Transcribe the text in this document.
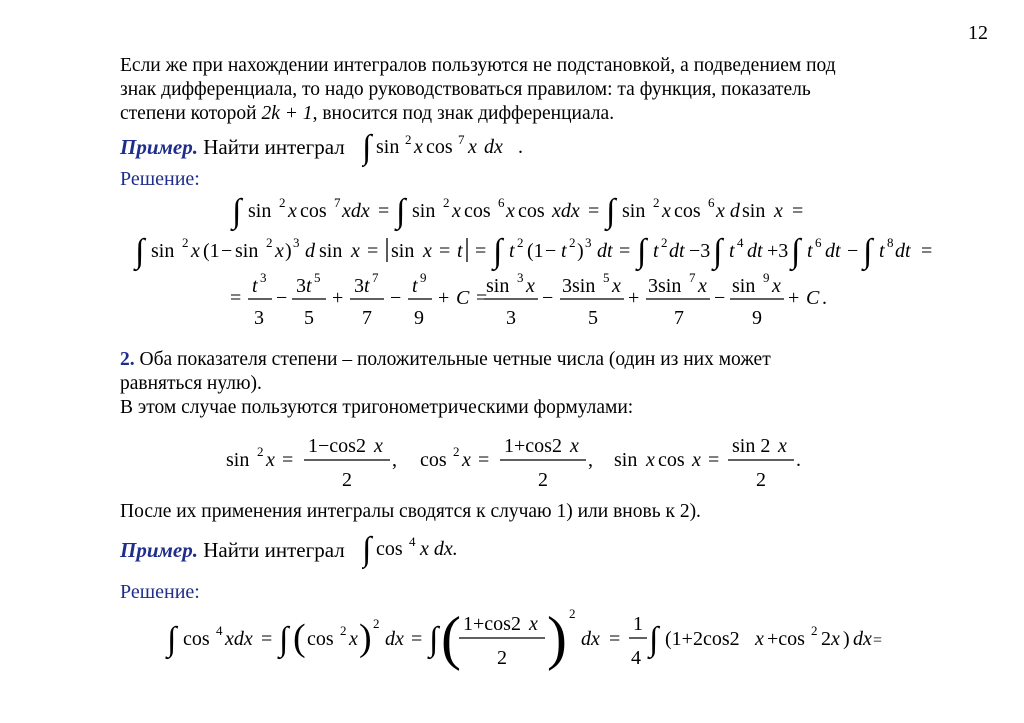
12
Если же при нахождении интегралов пользуются не подстановкой, а подведением под
знак дифференциала, то надо руководствоваться правилом: та функция, показатель
степени которой 2k + 1, вносится под знак дифференциала.
Пример. Найти интеграл ∫ sin 2 x cos 7 x dx .
Решение:
∫ sin 2 x cos 7 xdx = ∫ sin 2 x cos 6 x cos xdx = ∫ sin 2 x cos 6 x d sin x =
∫ sin 2 x (1 − sin 2 x ) 3 d sin x = sin x = t = ∫ t 2 (1 − t 2 ) 3 dt = ∫ t 2 dt −3 ∫ t 4 dt +3 ∫ t 6 dt − ∫ t 8 dt =
=
t 3
3
−
3 t 5
5
+
3 t 7
7
−
t 9
9
+ C =
sin 3 x
3
−
3sin 5 x
5
+
3sin 7 x
7
−
sin 9 x
9
+ C .
2. Оба показателя степени – положительные четные числа (один из них может
равняться нулю).
В этом случае пользуются тригонометрическими формулами:
sin 2 x =
1−cos2 x
2
, cos 2 x =
1+cos2 x
2
, sin x cos x =
sin 2 x
2
.
После их применения интегралы сводятся к случаю 1) или вновь к 2).
Пример. Найти интеграл ∫ cos 4 x dx.
Решение:
∫ cos 4 xdx = ∫ ( cos 2 x ) 2
dx = ∫ ( 1+cos2 x
2 ) 2
dx =
1
4 ∫ (1+2cos2 x +cos 2 2 x ) dx =
